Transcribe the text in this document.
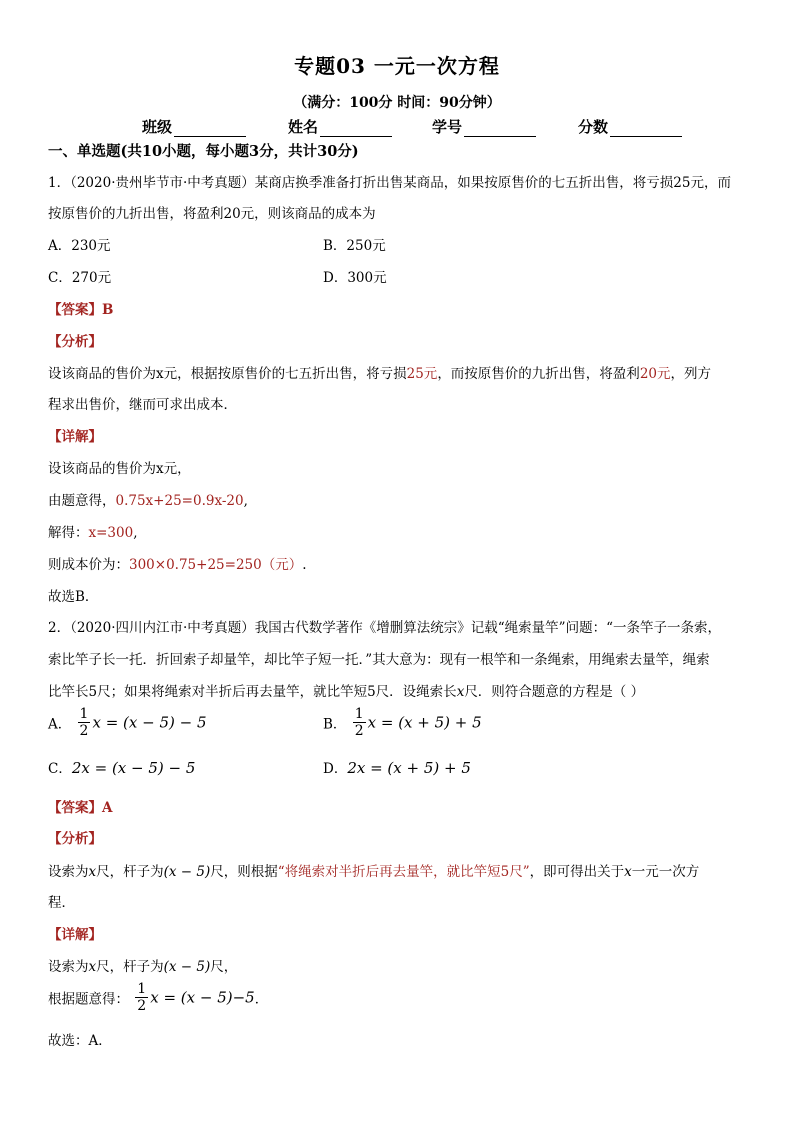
专题03 一元一次方程
（满分：100分 时间：90分钟）
班级	姓名	学号	分数
一、单选题(共10小题，每小题3分，共计30分)
1．（2020·贵州毕节市·中考真题）某商店换季准备打折出售某商品，如果按原售价的七五折出售，将亏损25元，而
按原售价的九折出售，将盈利20元，则该商品的成本为
A．230元	B．250元
C．270元	D．300元
【答案】B
【分析】
设该商品的售价为x元，根据按原售价的七五折出售，将亏损25元，而按原售价的九折出售，将盈利20元，列方
程求出售价，继而可求出成本．
【详解】
设该商品的售价为x元，
由题意得，0.75x+25=0.9x-20,
解得：x=300,
则成本价为：300×0.75+25=250（元）.
故选B．
2．（2020·四川内江市·中考真题）我国古代数学著作《增删算法统宗》记载“绳索量竿”问题：“一条竿子一条索，
索比竿子长一托．折回索子却量竿，却比竿子短一托．”其大意为：现有一根竿和一条绳索，用绳索去量竿，绳索
比竿长5尺；如果将绳索对半折后再去量竿，就比竿短5尺．设绳索长x尺．则符合题意的方程是（ ）
A． $\frac{1}{2}$ x = (x − 5) − 5	B． $\frac{1}{2}$ x = (x + 5) + 5
C．2x = (x − 5) − 5	D．2x = (x + 5) + 5
【答案】A
【分析】
设索为x尺，杆子为(x − 5)尺，则根据“将绳索对半折后再去量竿，就比竿短5尺”，即可得出关于x一元一次方
程．
【详解】
设索为x尺，杆子为(x − 5)尺，
根据题意得： $\frac{1}{2}$ x = (x − 5)−5．
故选：A．
